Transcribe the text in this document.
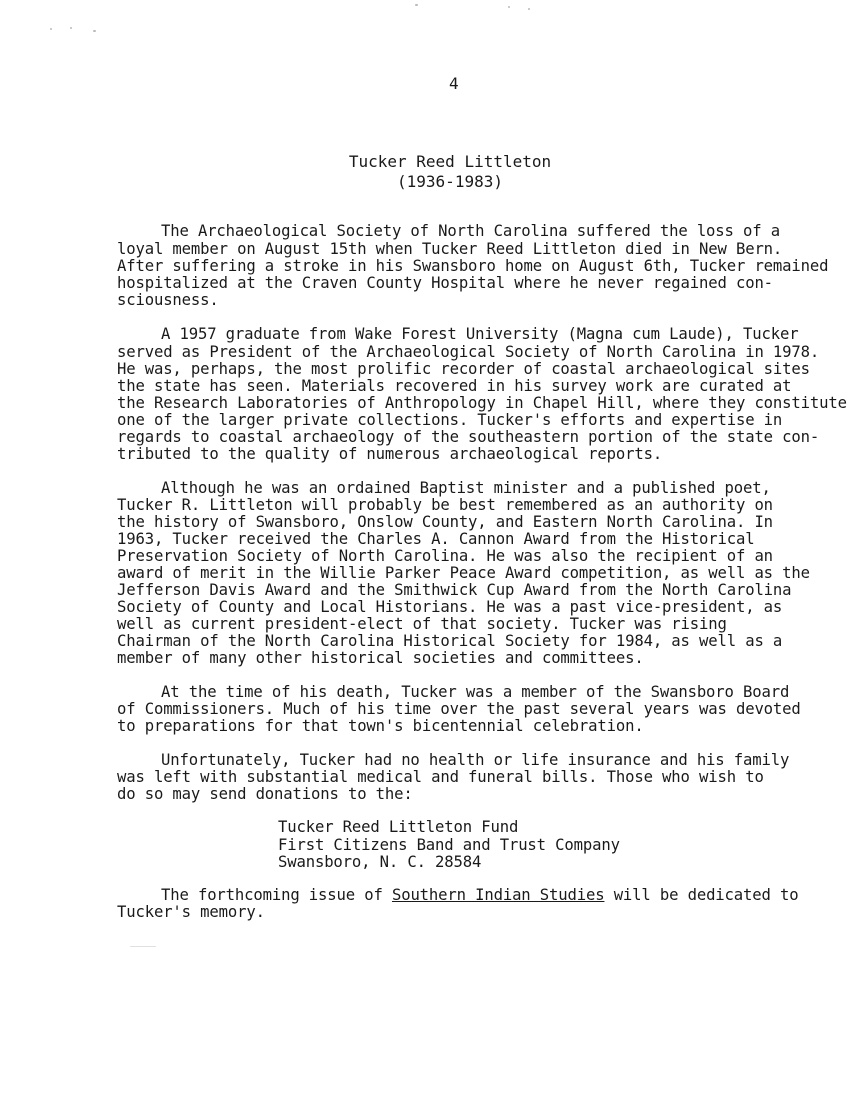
4
Tucker Reed Littleton
(1936-1983)
The Archaeological Society of North Carolina suffered the loss of a
loyal member on August 15th when Tucker Reed Littleton died in New Bern.
After suffering a stroke in his Swansboro home on August 6th, Tucker remained
hospitalized at the Craven County Hospital where he never regained con-
sciousness.
A 1957 graduate from Wake Forest University (Magna cum Laude), Tucker
served as President of the Archaeological Society of North Carolina in 1978.
He was, perhaps, the most prolific recorder of coastal archaeological sites
the state has seen. Materials recovered in his survey work are curated at
the Research Laboratories of Anthropology in Chapel Hill, where they constitute
one of the larger private collections. Tucker's efforts and expertise in
regards to coastal archaeology of the southeastern portion of the state con-
tributed to the quality of numerous archaeological reports.
Although he was an ordained Baptist minister and a published poet,
Tucker R. Littleton will probably be best remembered as an authority on
the history of Swansboro, Onslow County, and Eastern North Carolina. In
1963, Tucker received the Charles A. Cannon Award from the Historical
Preservation Society of North Carolina. He was also the recipient of an
award of merit in the Willie Parker Peace Award competition, as well as the
Jefferson Davis Award and the Smithwick Cup Award from the North Carolina
Society of County and Local Historians. He was a past vice-president, as
well as current president-elect of that society. Tucker was rising
Chairman of the North Carolina Historical Society for 1984, as well as a
member of many other historical societies and committees.
At the time of his death, Tucker was a member of the Swansboro Board
of Commissioners. Much of his time over the past several years was devoted
to preparations for that town's bicentennial celebration.
Unfortunately, Tucker had no health or life insurance and his family
was left with substantial medical and funeral bills. Those who wish to
do so may send donations to the:
Tucker Reed Littleton Fund
First Citizens Band and Trust Company
Swansboro, N. C. 28584
The forthcoming issue of Southern Indian Studies will be dedicated to
Tucker's memory.
